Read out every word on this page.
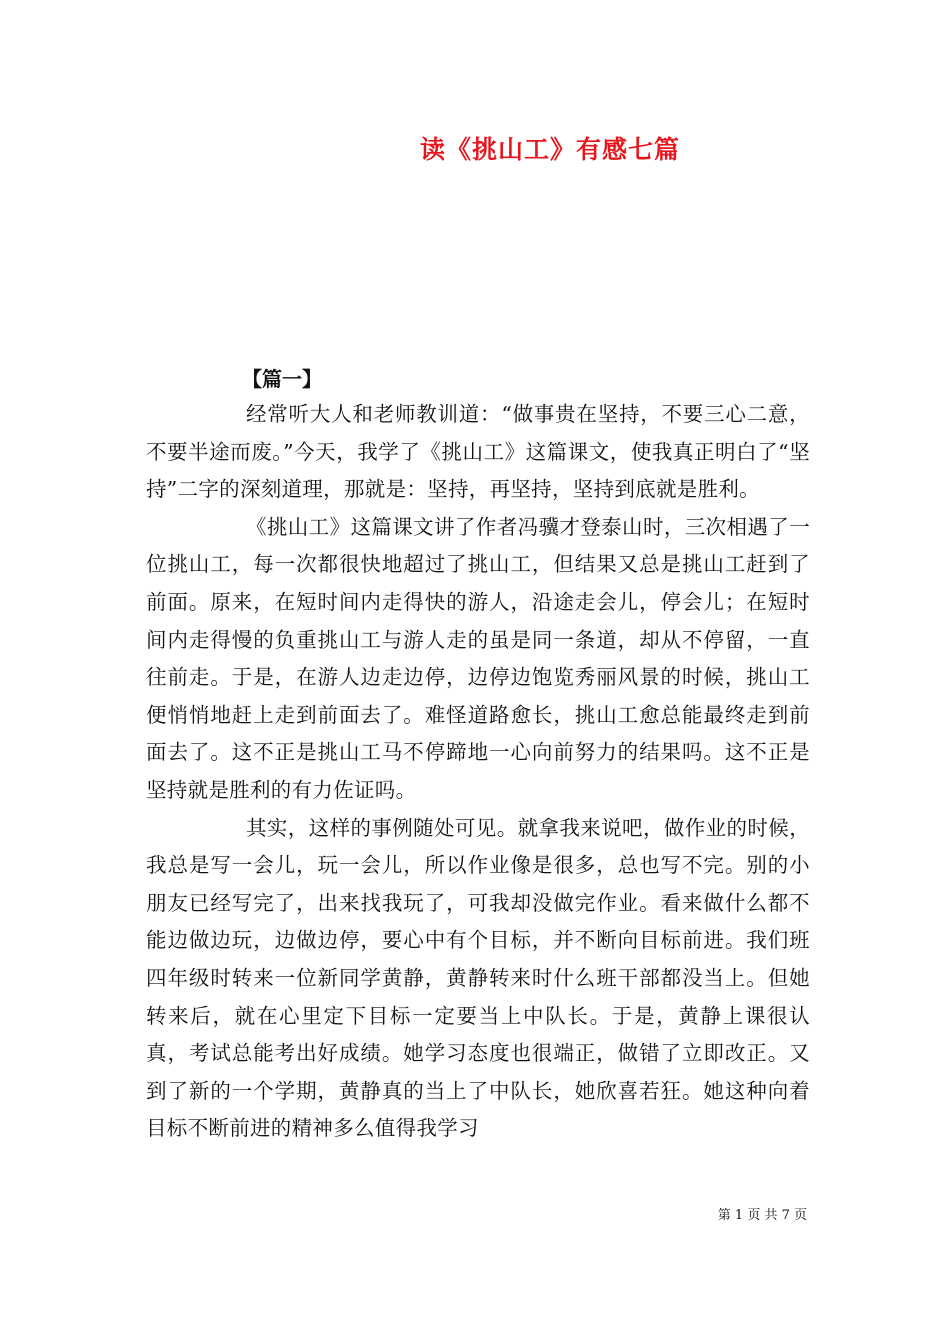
读《挑山工》有感七篇
【篇一】

经常听大人和老师教训道：“做事贵在坚持，不要三心二意，不要半途而废。”今天，我学了《挑山工》这篇课文，使我真正明白了“坚持”二字的深刻道理，那就是：坚持，再坚持，坚持到底就是胜利。

《挑山工》这篇课文讲了作者冯骥才登泰山时，三次相遇了一位挑山工，每一次都很快地超过了挑山工，但结果又总是挑山工赶到了前面。原来，在短时间内走得快的游人，沿途走会儿，停会儿；在短时间内走得慢的负重挑山工与游人走的虽是同一条道，却从不停留，一直往前走。于是，在游人边走边停，边停边饱览秀丽风景的时候，挑山工便悄悄地赶上走到前面去了。难怪道路愈长，挑山工愈总能最终走到前面去了。这不正是挑山工马不停蹄地一心向前努力的结果吗。这不正是坚持就是胜利的有力佐证吗。

其实，这样的事例随处可见。就拿我来说吧，做作业的时候，我总是写一会儿，玩一会儿，所以作业像是很多，总也写不完。别的小朋友已经写完了，出来找我玩了，可我却没做完作业。看来做什么都不能边做边玩，边做边停，要心中有个目标，并不断向目标前进。我们班四年级时转来一位新同学黄静，黄静转来时什么班干部都没当上。但她转来后，就在心里定下目标一定要当上中队长。于是，黄静上课很认真，考试总能考出好成绩。她学习态度也很端正，做错了立即改正。又到了新的一个学期，黄静真的当上了中队长，她欣喜若狂。她这种向着目标不断前进的精神多么值得我学习

第 1 页 共 7 页
